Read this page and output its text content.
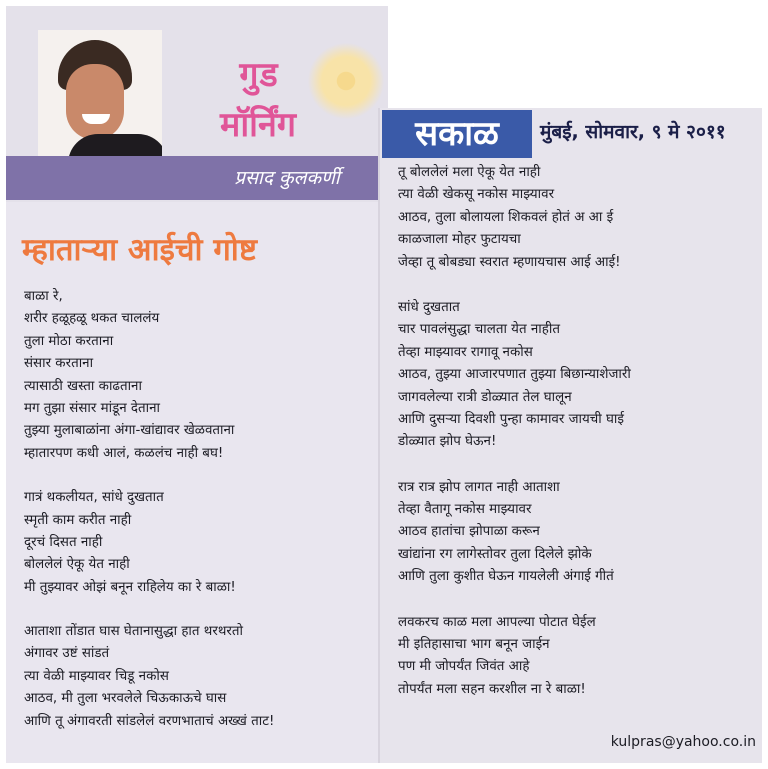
गुड
मॉर्निंग
प्रसाद कुलकर्णी
म्हाताऱ्या आईची गोष्ट
बाळा रे,
शरीर हळूहळू थकत चाललंय
तुला मोठा करताना
संसार करताना
त्यासाठी खस्ता काढताना
मग तुझा संसार मांडून देताना
तुझ्या मुलाबाळांना अंगा-खांद्यावर खेळवताना
म्हातारपण कधी आलं, कळलंच नाही बघ!
गात्रं थकलीयत, सांधे दुखतात
स्मृती काम करीत नाही
दूरचं दिसत नाही
बोललेलं ऐकू येत नाही
मी तुझ्यावर ओझं बनून राहिलेय का रे बाळा!
आताशा तोंडात घास घेतानासुद्धा हात थरथरतो
अंगावर उष्टं सांडतं
त्या वेळी माझ्यावर चिडू नकोस
आठव, मी तुला भरवलेले चिऊकाऊचे घास
आणि तू अंगावरती सांडलेलं वरणभाताचं अख्खं ताट!
सकाळ	मुंबई, सोमवार, ९ मे २०११
तू बोललेलं मला ऐकू येत नाही
त्या वेळी खेकसू नकोस माझ्यावर
आठव, तुला बोलायला शिकवलं होतं अ आ ई
काळजाला मोहर फुटायचा
जेव्हा तू बोबड्या स्वरात म्हणायचास आई आई!
सांधे दुखतात
चार पावलंसुद्धा चालता येत नाहीत
तेव्हा माझ्यावर रागावू नकोस
आठव, तुझ्या आजारपणात तुझ्या बिछान्याशेजारी
जागवलेल्या रात्री डोळ्यात तेल घालून
आणि दुसऱ्या दिवशी पुन्हा कामावर जायची घाई
डोळ्यात झोप घेऊन!
रात्र रात्र झोप लागत नाही आताशा
तेव्हा वैतागू नकोस माझ्यावर
आठव हातांचा झोपाळा करून
खांद्यांना रग लागेस्तोवर तुला दिलेले झोके
आणि तुला कुशीत घेऊन गायलेली अंगाई गीतं
लवकरच काळ मला आपल्या पोटात घेईल
मी इतिहासाचा भाग बनून जाईन
पण मी जोपर्यंत जिवंत आहे
तोपर्यंत मला सहन करशील ना रे बाळा!
kulpras@yahoo.co.in
